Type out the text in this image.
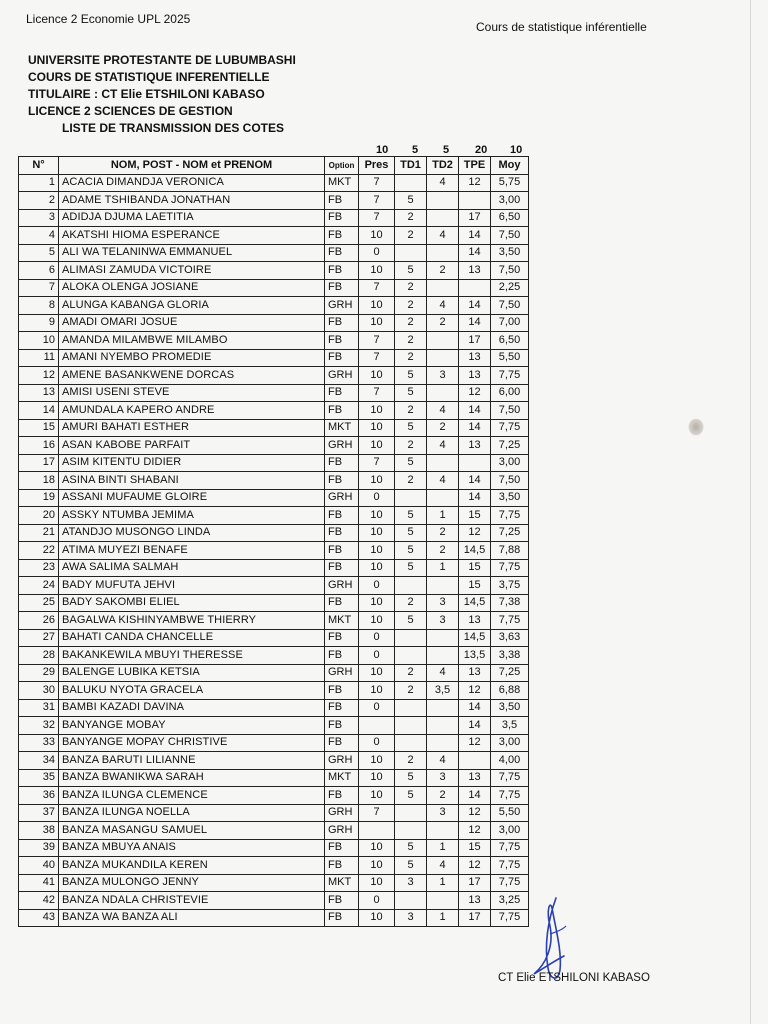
Licence 2 Economie UPL 2025
Cours de statistique inférentielle
UNIVERSITE PROTESTANTE DE LUBUMBASHI
COURS DE STATISTIQUE INFERENTIELLE
TITULAIRE : CT Elie ETSHILONI KABASO
LICENCE 2 SCIENCES DE GESTION
LISTE DE TRANSMISSION DES COTES
10 5 5 20 10
N°	NOM, POST - NOM et PRENOM	Option	Pres	TD1	TD2	TPE	Moy
1	ACACIA DIMANDJA VERONICA	MKT	7		4	12	5,75
2	ADAME TSHIBANDA JONATHAN	FB	7	5			3,00
3	ADIDJA DJUMA LAETITIA	FB	7	2		17	6,50
4	AKATSHI HIOMA ESPERANCE	FB	10	2	4	14	7,50
5	ALI WA TELANINWA EMMANUEL	FB	0			14	3,50
6	ALIMASI ZAMUDA VICTOIRE	FB	10	5	2	13	7,50
7	ALOKA OLENGA JOSIANE	FB	7	2			2,25
8	ALUNGA KABANGA GLORIA	GRH	10	2	4	14	7,50
9	AMADI OMARI JOSUE	FB	10	2	2	14	7,00
10	AMANDA MILAMBWE MILAMBO	FB	7	2		17	6,50
11	AMANI NYEMBO PROMEDIE	FB	7	2		13	5,50
12	AMENE BASANKWENE DORCAS	GRH	10	5	3	13	7,75
13	AMISI USENI STEVE	FB	7	5		12	6,00
14	AMUNDALA KAPERO ANDRE	FB	10	2	4	14	7,50
15	AMURI BAHATI ESTHER	MKT	10	5	2	14	7,75
16	ASAN KABOBE PARFAIT	GRH	10	2	4	13	7,25
17	ASIM KITENTU DIDIER	FB	7	5			3,00
18	ASINA BINTI SHABANI	FB	10	2	4	14	7,50
19	ASSANI MUFAUME GLOIRE	GRH	0			14	3,50
20	ASSKY NTUMBA JEMIMA	FB	10	5	1	15	7,75
21	ATANDJO MUSONGO LINDA	FB	10	5	2	12	7,25
22	ATIMA MUYEZI BENAFE	FB	10	5	2	14,5	7,88
23	AWA SALIMA SALMAH	FB	10	5	1	15	7,75
24	BADY MUFUTA JEHVI	GRH	0			15	3,75
25	BADY SAKOMBI ELIEL	FB	10	2	3	14,5	7,38
26	BAGALWA KISHINYAMBWE THIERRY	MKT	10	5	3	13	7,75
27	BAHATI CANDA CHANCELLE	FB	0			14,5	3,63
28	BAKANKEWILA MBUYI THERESSE	FB	0			13,5	3,38
29	BALENGE LUBIKA KETSIA	GRH	10	2	4	13	7,25
30	BALUKU NYOTA GRACELA	FB	10	2	3,5	12	6,88
31	BAMBI KAZADI DAVINA	FB	0			14	3,50
32	BANYANGE MOBAY	FB				14	3,5
33	BANYANGE MOPAY CHRISTIVE	FB	0			12	3,00
34	BANZA BARUTI LILIANNE	GRH	10	2	4		4,00
35	BANZA BWANIKWA SARAH	MKT	10	5	3	13	7,75
36	BANZA ILUNGA CLEMENCE	FB	10	5	2	14	7,75
37	BANZA ILUNGA NOELLA	GRH	7		3	12	5,50
38	BANZA MASANGU SAMUEL	GRH				12	3,00
39	BANZA MBUYA ANAIS	FB	10	5	1	15	7,75
40	BANZA MUKANDILA KEREN	FB	10	5	4	12	7,75
41	BANZA MULONGO JENNY	MKT	10	3	1	17	7,75
42	BANZA NDALA CHRISTEVIE	FB	0			13	3,25
43	BANZA WA BANZA ALI	FB	10	3	1	17	7,75
CT Elie ETSHILONI KABASO
